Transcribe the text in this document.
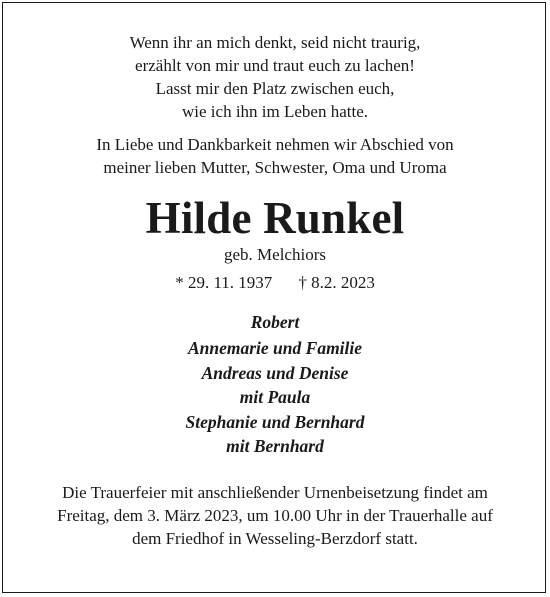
Wenn ihr an mich denkt, seid nicht traurig,
erzählt von mir und traut euch zu lachen!
Lasst mir den Platz zwischen euch,
wie ich ihn im Leben hatte.
In Liebe und Dankbarkeit nehmen wir Abschied von
meiner lieben Mutter, Schwester, Oma und Uroma
Hilde Runkel
geb. Melchiors
* 29. 11. 1937 † 8.2. 2023
Robert
Annemarie und Familie
Andreas und Denise
mit Paula
Stephanie und Bernhard
mit Bernhard
Die Trauerfeier mit anschließender Urnenbeisetzung findet am
Freitag, dem 3. März 2023, um 10.00 Uhr in der Trauerhalle auf
dem Friedhof in Wesseling-Berzdorf statt.
